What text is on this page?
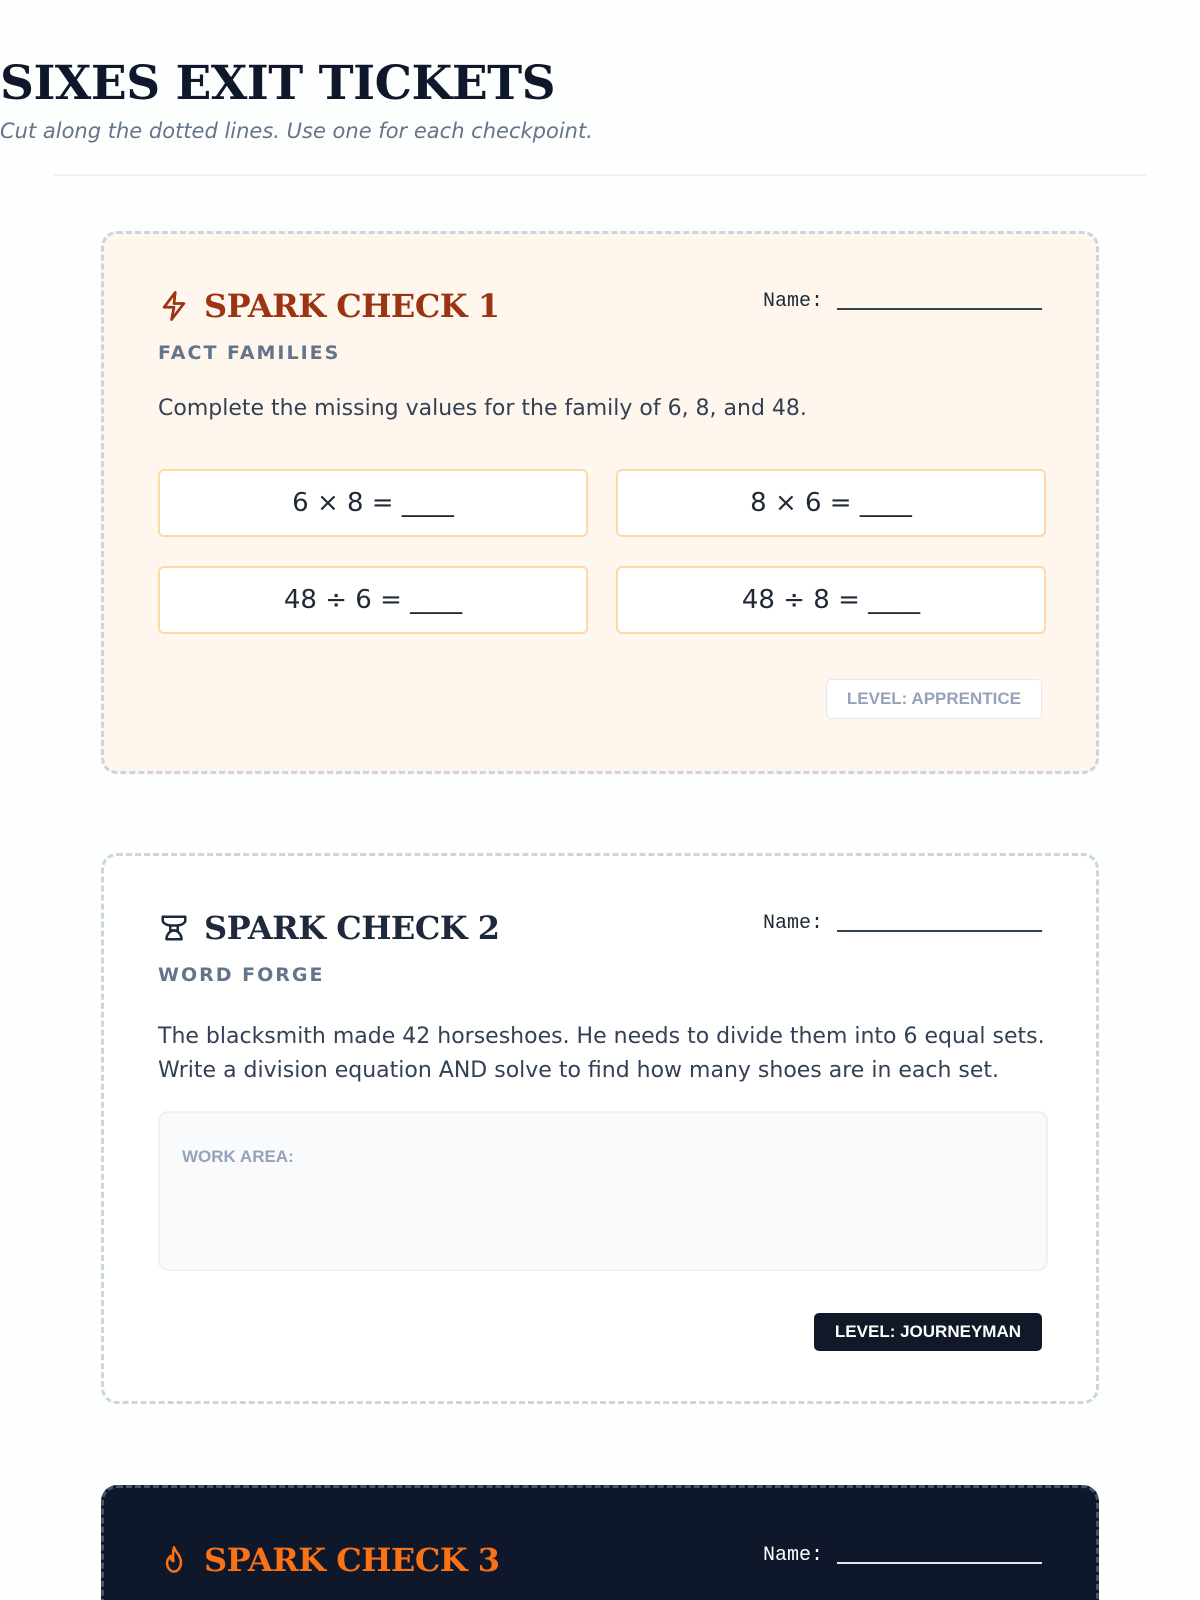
SIXES EXIT TICKETS

Cut along the dotted lines. Use one for each checkpoint.

SPARK CHECK 1
FACT FAMILIES
Name:

Complete the missing values for the family of 6, 8, and 48.

6 × 8 = ____	8 × 6 = ____
48 ÷ 6 = ____	48 ÷ 8 = ____
LEVEL: APPRENTICE
SPARK CHECK 2
WORD FORGE
Name:

The blacksmith made 42 horseshoes. He needs to divide them into 6 equal sets. Write a division equation AND solve to find how many shoes are in each set.

WORK AREA:
LEVEL: JOURNEYMAN
SPARK CHECK 3	Name:
